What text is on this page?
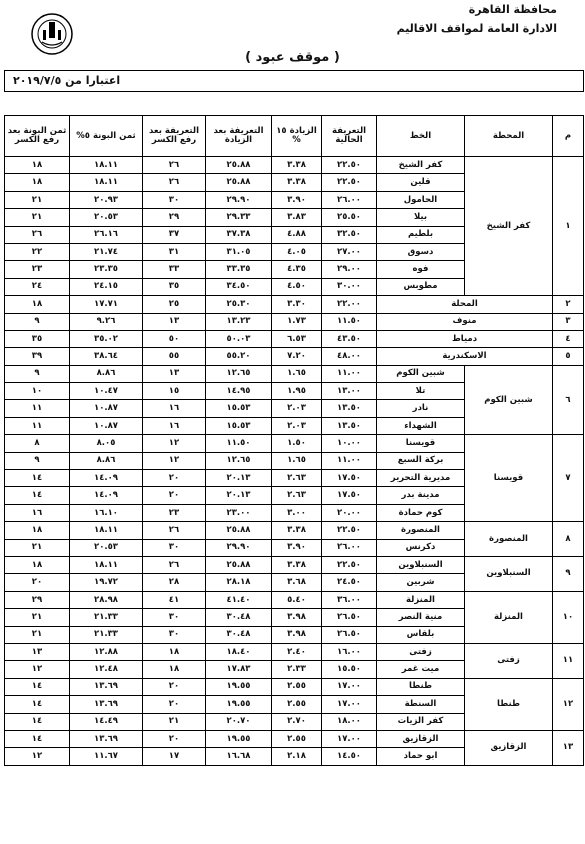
محافظة القاهرة
الادارة العامة لمواقف الاقاليم
( موقف عبود )
اعتبارا من ٢٠١٩/٧/٥
م	المحطة	الخط	التعريفة الحالية	الزيادة ١٥ %	التعريفة بعد الزيادة	التعريفة بعد رفع الكسر	ثمن البونة ٥%	ثمن البونة بعد رفع الكسر
١	كفر الشيخ	كفر الشيخ	٢٢.٥٠	٣.٣٨	٢٥.٨٨	٢٦	١٨.١١	١٨
		قلين	٢٢.٥٠	٣.٣٨	٢٥.٨٨	٢٦	١٨.١١	١٨
		الحامول	٢٦.٠٠	٣.٩٠	٢٩.٩٠	٣٠	٢٠.٩٣	٢١
		بيلا	٢٥.٥٠	٣.٨٣	٢٩.٣٣	٢٩	٢٠.٥٣	٢١
		بلطيم	٣٢.٥٠	٤.٨٨	٣٧.٣٨	٣٧	٢٦.١٦	٢٦
		دسوق	٢٧.٠٠	٤.٠٥	٣١.٠٥	٣١	٢١.٧٤	٢٢
		فوه	٢٩.٠٠	٤.٣٥	٣٣.٣٥	٣٣	٢٣.٣٥	٢٣
		مطوبس	٣٠.٠٠	٤.٥٠	٣٤.٥٠	٣٥	٢٤.١٥	٢٤
٢	المحلة		٢٢.٠٠	٣.٣٠	٢٥.٣٠	٢٥	١٧.٧١	١٨
٣	منوف		١١.٥٠	١.٧٣	١٣.٢٣	١٣	٩.٢٦	٩
٤	دمياط		٤٣.٥٠	٦.٥٣	٥٠.٠٣	٥٠	٣٥.٠٢	٣٥
٥	الاسكندرية		٤٨.٠٠	٧.٢٠	٥٥.٢٠	٥٥	٣٨.٦٤	٣٩
٦	شبين الكوم	شبين الكوم	١١.٠٠	١.٦٥	١٢.٦٥	١٣	٨.٨٦	٩
		تلا	١٣.٠٠	١.٩٥	١٤.٩٥	١٥	١٠.٤٧	١٠
		نادر	١٣.٥٠	٢.٠٣	١٥.٥٣	١٦	١٠.٨٧	١١
		الشهداء	١٣.٥٠	٢.٠٣	١٥.٥٣	١٦	١٠.٨٧	١١
٧	قويسنا	قويسنا	١٠.٠٠	١.٥٠	١١.٥٠	١٢	٨.٠٥	٨
		بركة السبع	١١.٠٠	١.٦٥	١٢.٦٥	١٢	٨.٨٦	٩
		مديرية التحرير	١٧.٥٠	٢.٦٣	٢٠.١٣	٢٠	١٤.٠٩	١٤
		مدينة بدر	١٧.٥٠	٢.٦٣	٢٠.١٣	٢٠	١٤.٠٩	١٤
		كوم حمادة	٢٠.٠٠	٣.٠٠	٢٣.٠٠	٢٣	١٦.١٠	١٦
٨	المنصورة	المنصورة	٢٢.٥٠	٣.٣٨	٢٥.٨٨	٢٦	١٨.١١	١٨
		دكرنس	٢٦.٠٠	٣.٩٠	٢٩.٩٠	٣٠	٢٠.٥٣	٢١
٩	السنبلاوين	السنبلاوين	٢٢.٥٠	٣.٣٨	٢٥.٨٨	٢٦	١٨.١١	١٨
		شربين	٢٤.٥٠	٣.٦٨	٢٨.١٨	٢٨	١٩.٧٢	٢٠
١٠	المنزلة	المنزلة	٣٦.٠٠	٥.٤٠	٤١.٤٠	٤١	٢٨.٩٨	٢٩
		منية النصر	٢٦.٥٠	٣.٩٨	٣٠.٤٨	٣٠	٢١.٣٣	٢١
		بلقاس	٢٦.٥٠	٣.٩٨	٣٠.٤٨	٣٠	٢١.٣٣	٢١
١١	زفتى	زفتى	١٦.٠٠	٢.٤٠	١٨.٤٠	١٨	١٢.٨٨	١٣
		ميت غمر	١٥.٥٠	٢.٣٣	١٧.٨٣	١٨	١٢.٤٨	١٢
١٢	طنطا	طنطا	١٧.٠٠	٢.٥٥	١٩.٥٥	٢٠	١٣.٦٩	١٤
		السنطة	١٧.٠٠	٢.٥٥	١٩.٥٥	٢٠	١٣.٦٩	١٤
		كفر الزيات	١٨.٠٠	٢.٧٠	٢٠.٧٠	٢١	١٤.٤٩	١٤
١٣	الزقازيق	الزقازيق	١٧.٠٠	٢.٥٥	١٩.٥٥	٢٠	١٣.٦٩	١٤
		ابو حماد	١٤.٥٠	٢.١٨	١٦.٦٨	١٧	١١.٦٧	١٢
